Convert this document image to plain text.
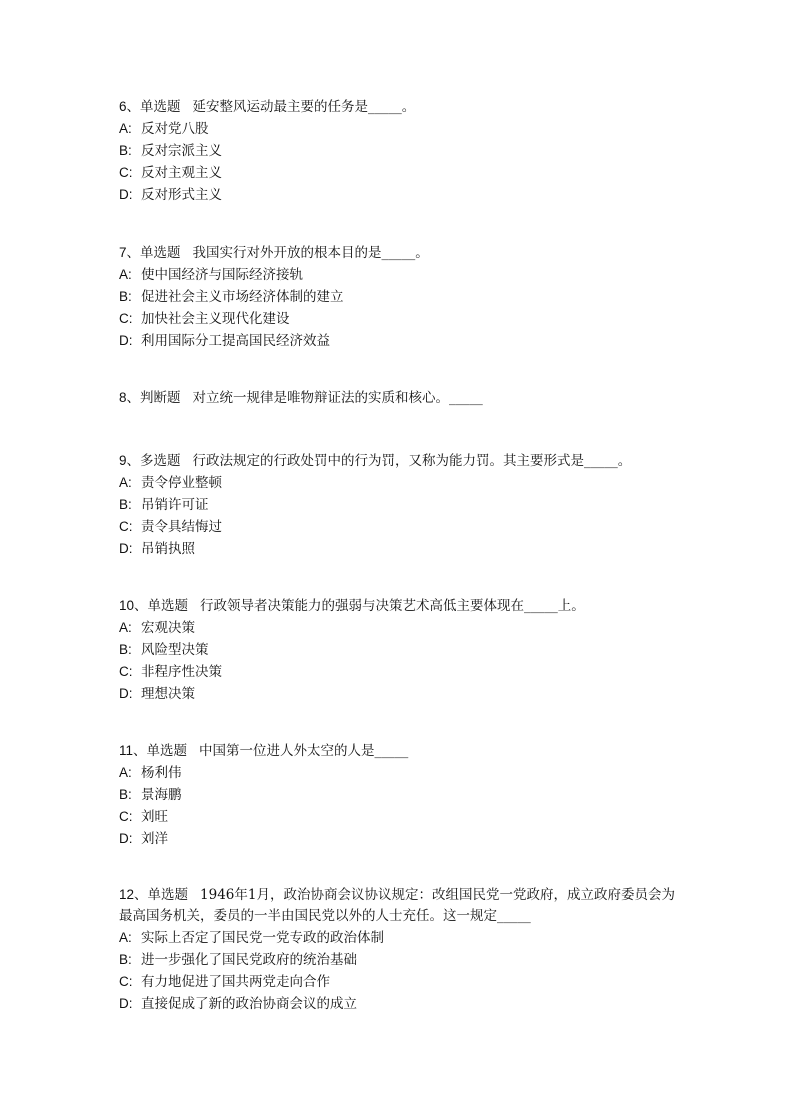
6、单选题 延安整风运动最主要的任务是_____。
A: 反对党八股
B: 反对宗派主义
C: 反对主观主义
D: 反对形式主义
7、单选题 我国实行对外开放的根本目的是_____。
A: 使中国经济与国际经济接轨
B: 促进社会主义市场经济体制的建立
C: 加快社会主义现代化建设
D: 利用国际分工提高国民经济效益
8、判断题 对立统一规律是唯物辩证法的实质和核心。_____
9、多选题 行政法规定的行政处罚中的行为罚，又称为能力罚。其主要形式是_____。
A: 责令停业整顿
B: 吊销许可证
C: 责令具结悔过
D: 吊销执照
10、单选题 行政领导者决策能力的强弱与决策艺术高低主要体现在_____上。
A: 宏观决策
B: 风险型决策
C: 非程序性决策
D: 理想决策
11、单选题 中国第一位进人外太空的人是_____
A: 杨利伟
B: 景海鹏
C: 刘旺
D: 刘洋
12、单选题 1946年1月，政治协商会议协议规定：改组国民党一党政府，成立政府委员会为最高国务机关，委员的一半由国民党以外的人士充任。这一规定_____
A: 实际上否定了国民党一党专政的政治体制
B: 进一步强化了国民党政府的统治基础
C: 有力地促进了国共两党走向合作
D: 直接促成了新的政治协商会议的成立
